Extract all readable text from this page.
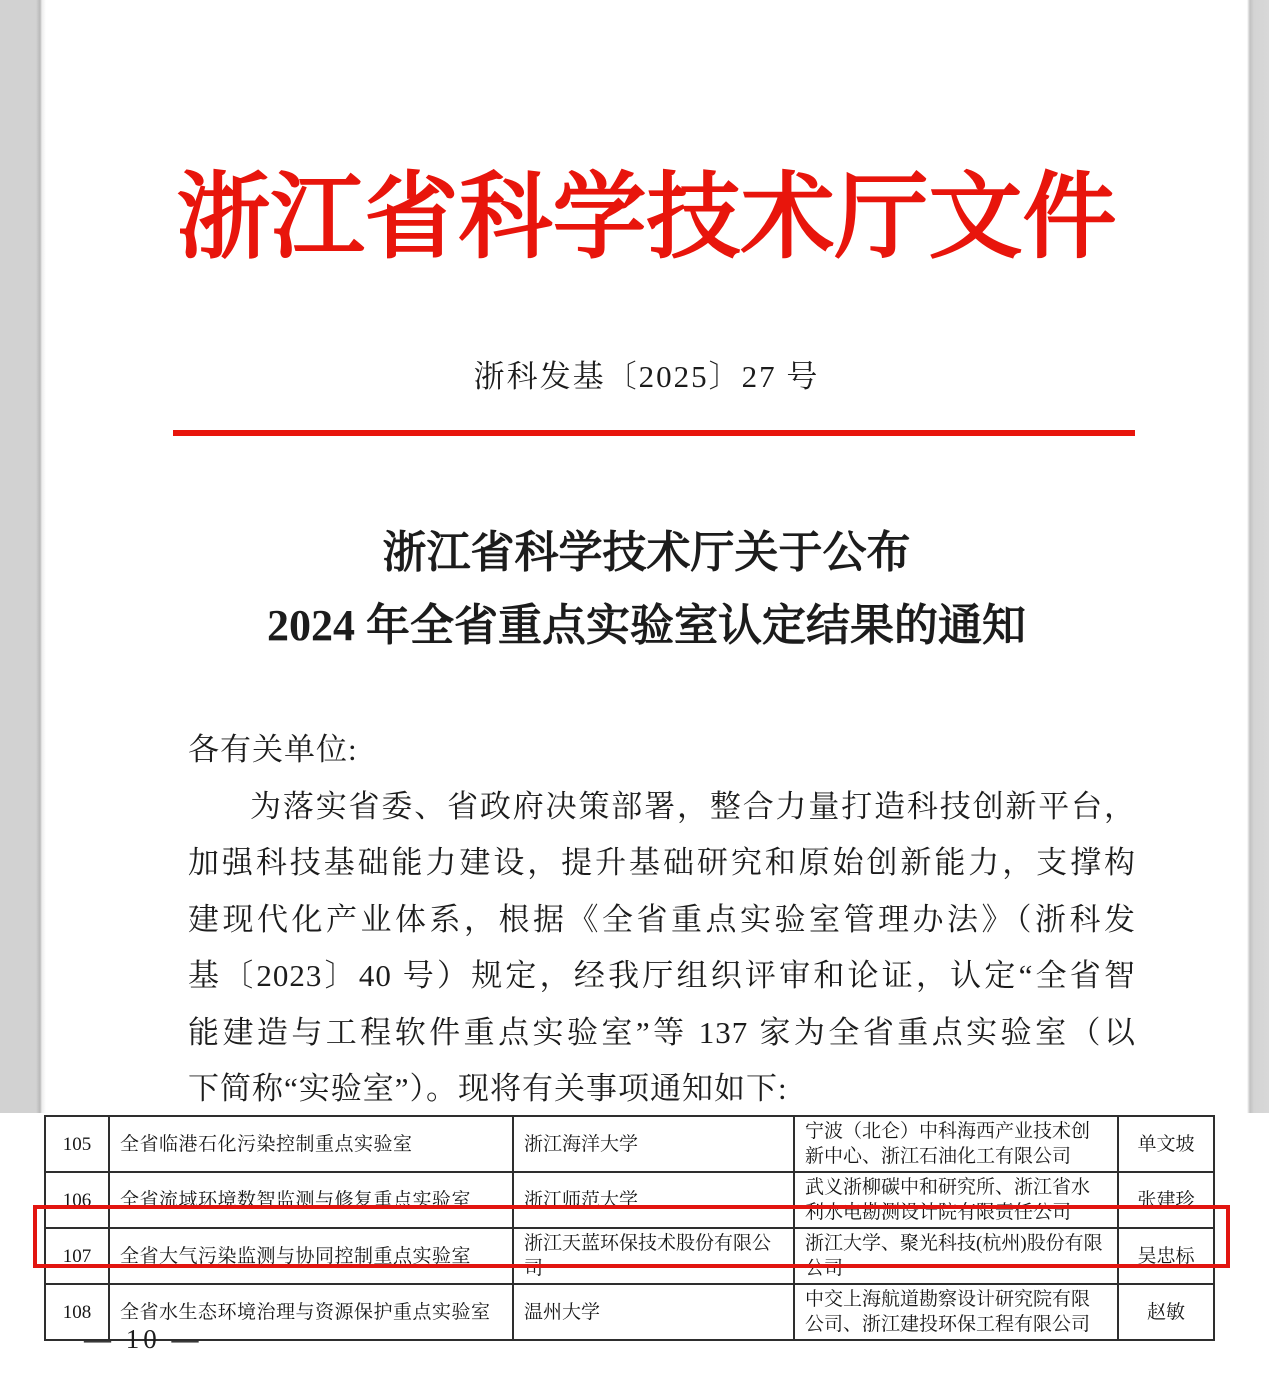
浙江省科学技术厅文件
浙科发基〔2025〕27 号
浙江省科学技术厅关于公布
2024 年全省重点实验室认定结果的通知
各有关单位:
为落实省委、省政府决策部署，整合力量打造科技创新平台，
加强科技基础能力建设，提升基础研究和原始创新能力，支撑构
建现代化产业体系，根据《全省重点实验室管理办法》（浙科发
基〔2023〕40 号）规定，经我厅组织评审和论证，认定“全省智
能建造与工程软件重点实验室”等 137 家为全省重点实验室（以
下简称“实验室”）。现将有关事项通知如下:
105	全省临港石化污染控制重点实验室	浙江海洋大学	宁波（北仑）中科海西产业技术创新中心、浙江石油化工有限公司	单文坡
106	全省流域环境数智监测与修复重点实验室	浙江师范大学	武义浙柳碳中和研究所、浙江省水利水电勘测设计院有限责任公司	张建珍
107	全省大气污染监测与协同控制重点实验室	浙江天蓝环保技术股份有限公司	浙江大学、聚光科技(杭州)股份有限公司	吴忠标
108	全省水生态环境治理与资源保护重点实验室	温州大学	中交上海航道勘察设计研究院有限公司、浙江建投环保工程有限公司	赵敏
— 10 —
